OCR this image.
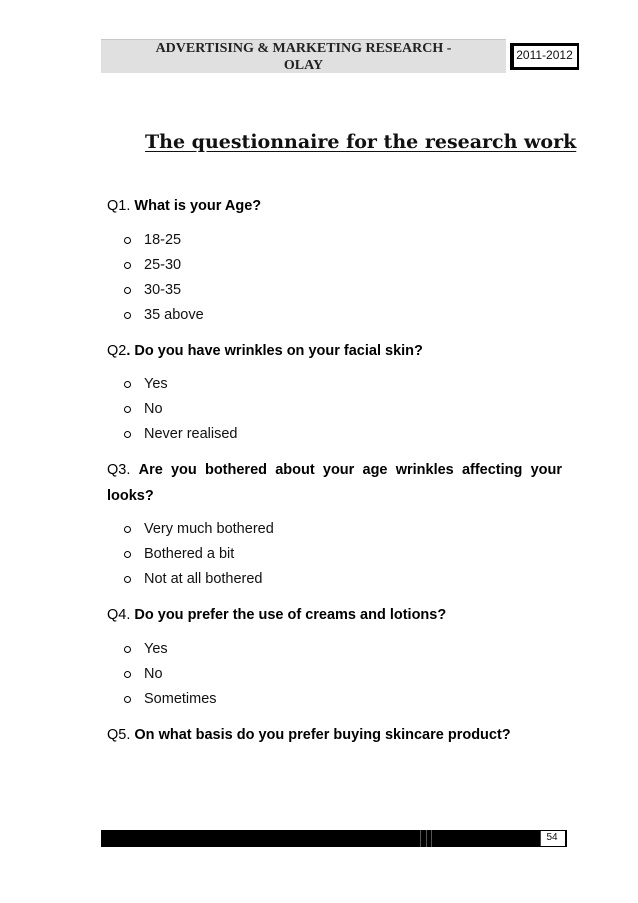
ADVERTISING & MARKETING RESEARCH -
OLAY
2011-2012
The questionnaire for the research work
Q1. What is your Age?
18-25
25-30
30-35
35 above
Q2. Do you have wrinkles on your facial skin?
Yes
No
Never realised
Q3. Are you bothered about your age wrinkles affecting your looks?
Very much bothered
Bothered a bit
Not at all bothered
Q4. Do you prefer the use of creams and lotions?
Yes
No
Sometimes
Q5. On what basis do you prefer buying skincare product?
54
